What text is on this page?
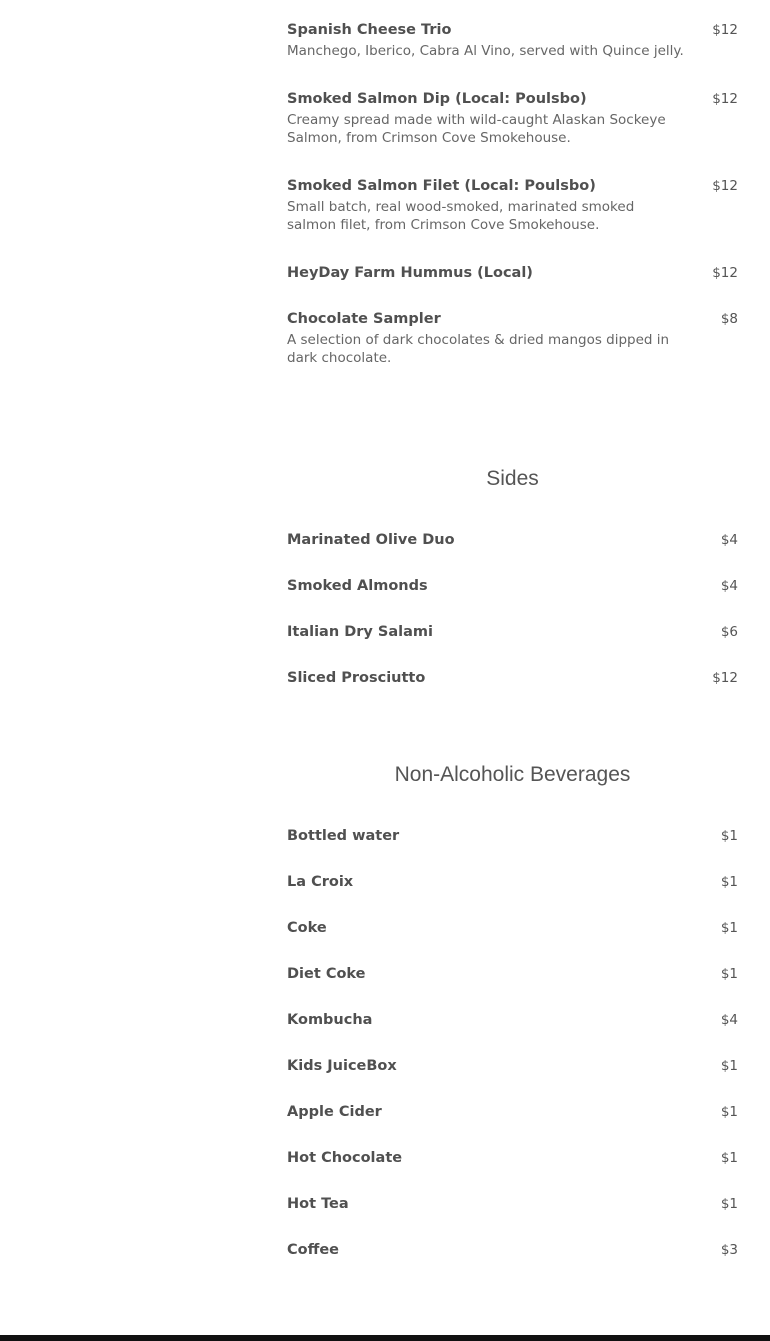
Spanish Cheese Trio
Manchego, Iberico, Cabra Al Vino, served with Quince jelly.
$12
Smoked Salmon Dip (Local: Poulsbo)
Creamy spread made with wild-caught Alaskan Sockeye Salmon, from Crimson Cove Smokehouse.
$12
Smoked Salmon Filet (Local: Poulsbo)
Small batch, real wood-smoked, marinated smoked salmon filet, from Crimson Cove Smokehouse.
$12
HeyDay Farm Hummus (Local)	$12
Chocolate Sampler
A selection of dark chocolates & dried mangos dipped in dark chocolate.
$8
Sides
Marinated Olive Duo	$4
Smoked Almonds	$4
Italian Dry Salami	$6
Sliced Prosciutto	$12
Non-Alcoholic Beverages
Bottled water	$1
La Croix	$1
Coke	$1
Diet Coke	$1
Kombucha	$4
Kids JuiceBox	$1
Apple Cider	$1
Hot Chocolate	$1
Hot Tea	$1
Coffee	$3
